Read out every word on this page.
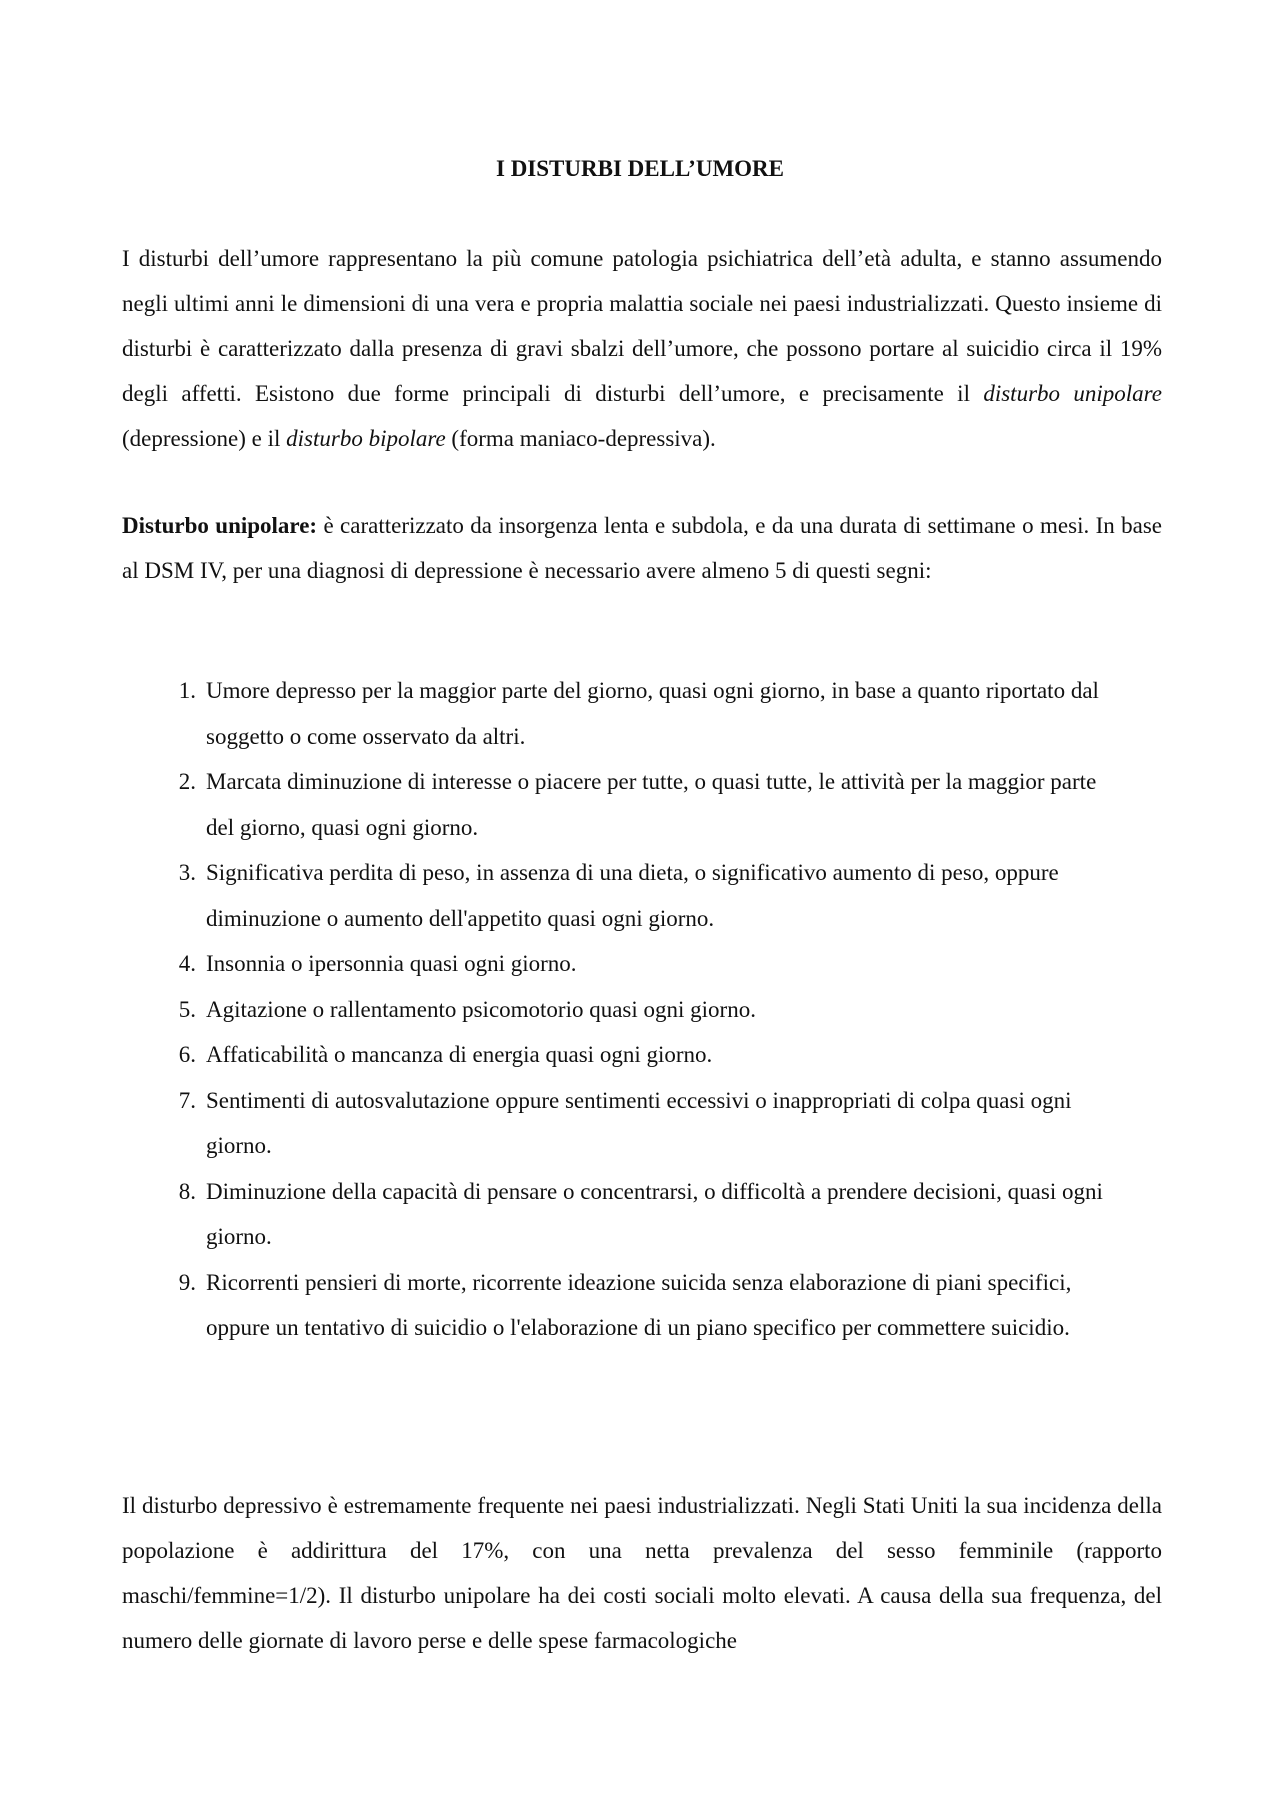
I DISTURBI DELL’UMORE

I disturbi dell’umore rappresentano la più comune patologia psichiatrica dell’età adulta, e stanno assumendo negli ultimi anni le dimensioni di una vera e propria malattia sociale nei paesi industrializzati. Questo insieme di disturbi è caratterizzato dalla presenza di gravi sbalzi dell’umore, che possono portare al suicidio circa il 19% degli affetti. Esistono due forme principali di disturbi dell’umore, e precisamente il disturbo unipolare (depressione) e il disturbo bipolare (forma maniaco-depressiva).

Disturbo unipolare: è caratterizzato da insorgenza lenta e subdola, e da una durata di settimane o mesi. In base al DSM IV, per una diagnosi di depressione è necessario avere almeno 5 di questi segni:

1. Umore depresso per la maggior parte del giorno, quasi ogni giorno, in base a quanto riportato dal soggetto o come osservato da altri.
2. Marcata diminuzione di interesse o piacere per tutte, o quasi tutte, le attività per la maggior parte del giorno, quasi ogni giorno.
3. Significativa perdita di peso, in assenza di una dieta, o significativo aumento di peso, oppure diminuzione o aumento dell'appetito quasi ogni giorno.
4. Insonnia o ipersonnia quasi ogni giorno.
5. Agitazione o rallentamento psicomotorio quasi ogni giorno.
6. Affaticabilità o mancanza di energia quasi ogni giorno.
7. Sentimenti di autosvalutazione oppure sentimenti eccessivi o inappropriati di colpa quasi ogni giorno.
8. Diminuzione della capacità di pensare o concentrarsi, o difficoltà a prendere decisioni, quasi ogni giorno.
9. Ricorrenti pensieri di morte, ricorrente ideazione suicida senza elaborazione di piani specifici, oppure un tentativo di suicidio o l'elaborazione di un piano specifico per commettere suicidio.

Il disturbo depressivo è estremamente frequente nei paesi industrializzati. Negli Stati Uniti la sua incidenza della popolazione è addirittura del 17%, con una netta prevalenza del sesso femminile (rapporto maschi/femmine=1/2). Il disturbo unipolare ha dei costi sociali molto elevati. A causa della sua frequenza, del numero delle giornate di lavoro perse e delle spese farmacologiche
